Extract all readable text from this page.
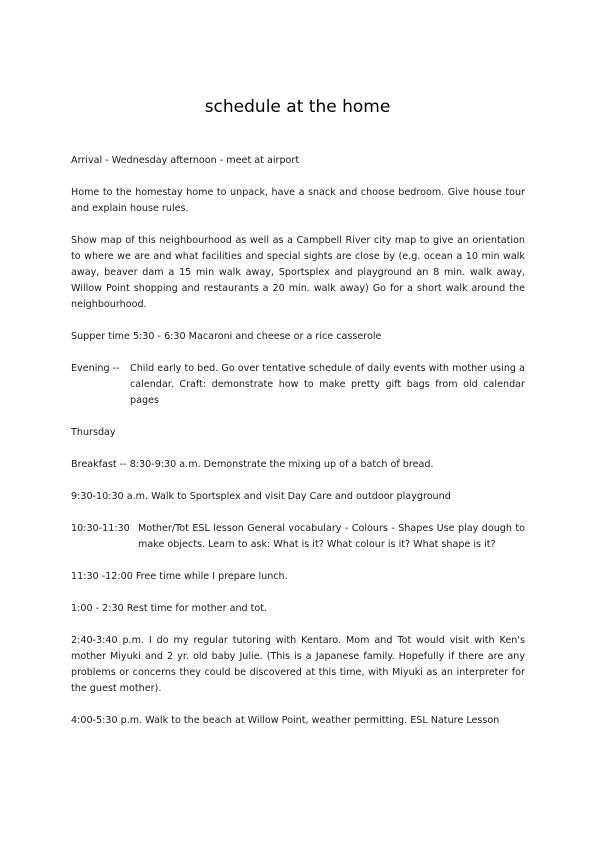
schedule at the home

Arrival - Wednesday afternoon - meet at airport

Home to the homestay home to unpack, have a snack and choose bedroom. Give house tour and explain house rules.

Show map of this neighbourhood as well as a Campbell River city map to give an orientation to where we are and what facilities and special sights are close by (e.g. ocean a 10 min walk away, beaver dam a 15 min walk away, Sportsplex and playground an 8 min. walk away, Willow Point shopping and restaurants a 20 min. walk away) Go for a short walk around the neighbourhood.

Supper time 5:30 - 6:30 Macaroni and cheese or a rice casserole

Evening --	Child early to bed. Go over tentative schedule of daily events with mother using a calendar. Craft: demonstrate how to make pretty gift bags from old calendar pages

Thursday

Breakfast -- 8:30-9:30 a.m. Demonstrate the mixing up of a batch of bread.

9:30-10:30 a.m. Walk to Sportsplex and visit Day Care and outdoor playground

10:30-11:30 Mother/Tot ESL lesson General vocabulary - Colours - Shapes Use play dough to make objects. Learn to ask: What is it? What colour is it? What shape is it?

11:30 -12:00 Free time while I prepare lunch.

1:00 - 2:30 Rest time for mother and tot.

2:40-3:40 p.m. I do my regular tutoring with Kentaro. Mom and Tot would visit with Ken's mother Miyuki and 2 yr. old baby Julie. (This is a Japanese family. Hopefully if there are any problems or concerns they could be discovered at this time, with Miyuki as an interpreter for the guest mother).

4:00-5:30 p.m. Walk to the beach at Willow Point, weather permitting. ESL Nature Lesson
